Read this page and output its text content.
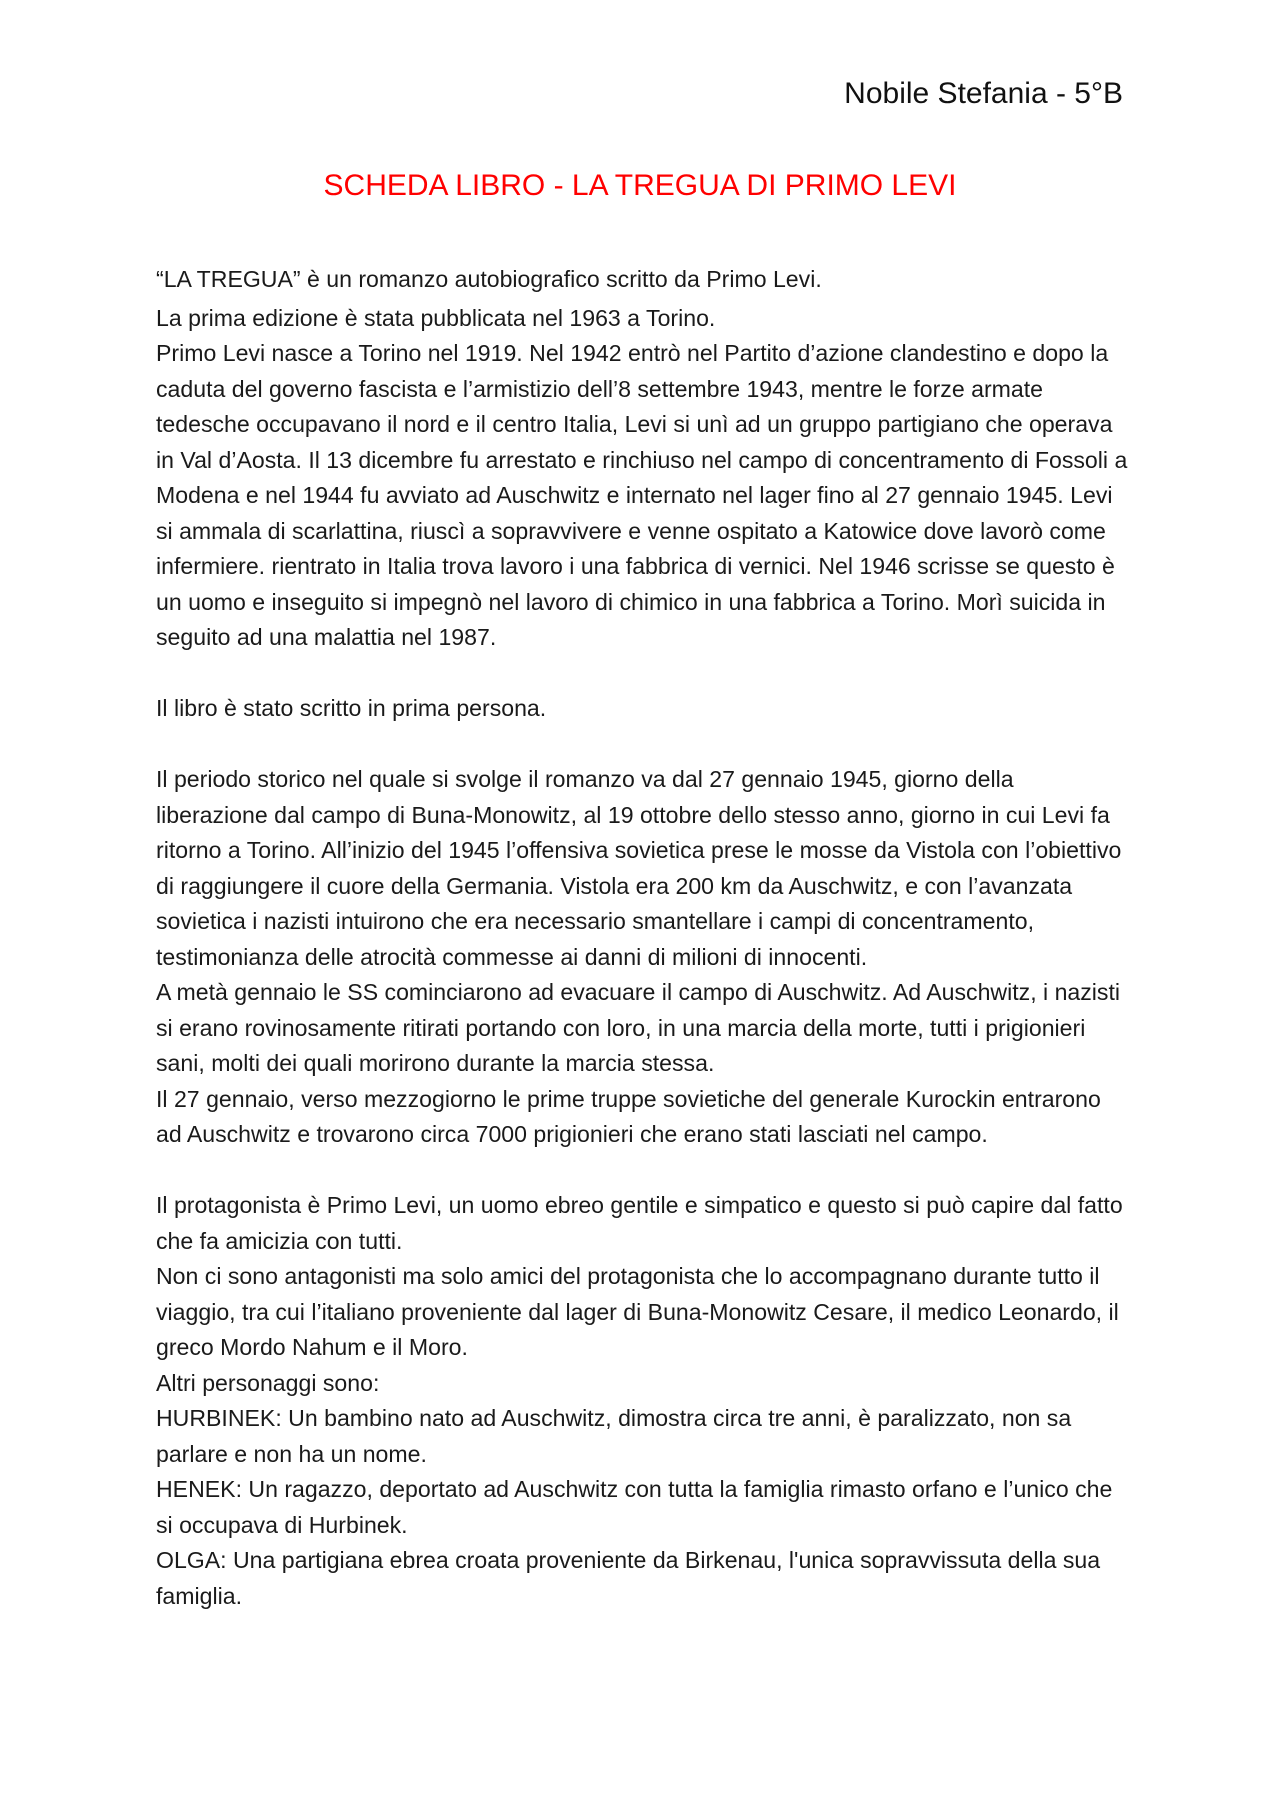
Nobile Stefania - 5°B

SCHEDA LIBRO - LA TREGUA DI PRIMO LEVI

“LA TREGUA” è un romanzo autobiografico scritto da Primo Levi.

La prima edizione è stata pubblicata nel 1963 a Torino.

Primo Levi nasce a Torino nel 1919. Nel 1942 entrò nel Partito d’azione clandestino e dopo la caduta del governo fascista e l’armistizio dell’8 settembre 1943, mentre le forze armate tedesche occupavano il nord e il centro Italia, Levi si unì ad un gruppo partigiano che operava in Val d’Aosta. Il 13 dicembre fu arrestato e rinchiuso nel campo di concentramento di Fossoli a Modena e nel 1944 fu avviato ad Auschwitz e internato nel lager fino al 27 gennaio 1945. Levi si ammala di scarlattina, riuscì a sopravvivere e venne ospitato a Katowice dove lavorò come infermiere. rientrato in Italia trova lavoro i una fabbrica di vernici. Nel 1946 scrisse se questo è un uomo e inseguito si impegnò nel lavoro di chimico in una fabbrica a Torino. Morì suicida in seguito ad una malattia nel 1987.

Il libro è stato scritto in prima persona.

Il periodo storico nel quale si svolge il romanzo va dal 27 gennaio 1945, giorno della liberazione dal campo di Buna-Monowitz, al 19 ottobre dello stesso anno, giorno in cui Levi fa ritorno a Torino. All’inizio del 1945 l’offensiva sovietica prese le mosse da Vistola con l’obiettivo di raggiungere il cuore della Germania. Vistola era 200 km da Auschwitz, e con l’avanzata sovietica i nazisti intuirono che era necessario smantellare i campi di concentramento, testimonianza delle atrocità commesse ai danni di milioni di innocenti.

A metà gennaio le SS cominciarono ad evacuare il campo di Auschwitz. Ad Auschwitz, i nazisti si erano rovinosamente ritirati portando con loro, in una marcia della morte, tutti i prigionieri sani, molti dei quali morirono durante la marcia stessa.

Il 27 gennaio, verso mezzogiorno le prime truppe sovietiche del generale Kurockin entrarono ad Auschwitz e trovarono circa 7000 prigionieri che erano stati lasciati nel campo.

Il protagonista è Primo Levi, un uomo ebreo gentile e simpatico e questo si può capire dal fatto che fa amicizia con tutti.

Non ci sono antagonisti ma solo amici del protagonista che lo accompagnano durante tutto il viaggio, tra cui l’italiano proveniente dal lager di Buna-Monowitz Cesare, il medico Leonardo, il greco Mordo Nahum e il Moro.

Altri personaggi sono:

HURBINEK: Un bambino nato ad Auschwitz, dimostra circa tre anni, è paralizzato, non sa parlare e non ha un nome.

HENEK: Un ragazzo, deportato ad Auschwitz con tutta la famiglia rimasto orfano e l’unico che si occupava di Hurbinek.

OLGA: Una partigiana ebrea croata proveniente da Birkenau, l'unica sopravvissuta della sua famiglia.
